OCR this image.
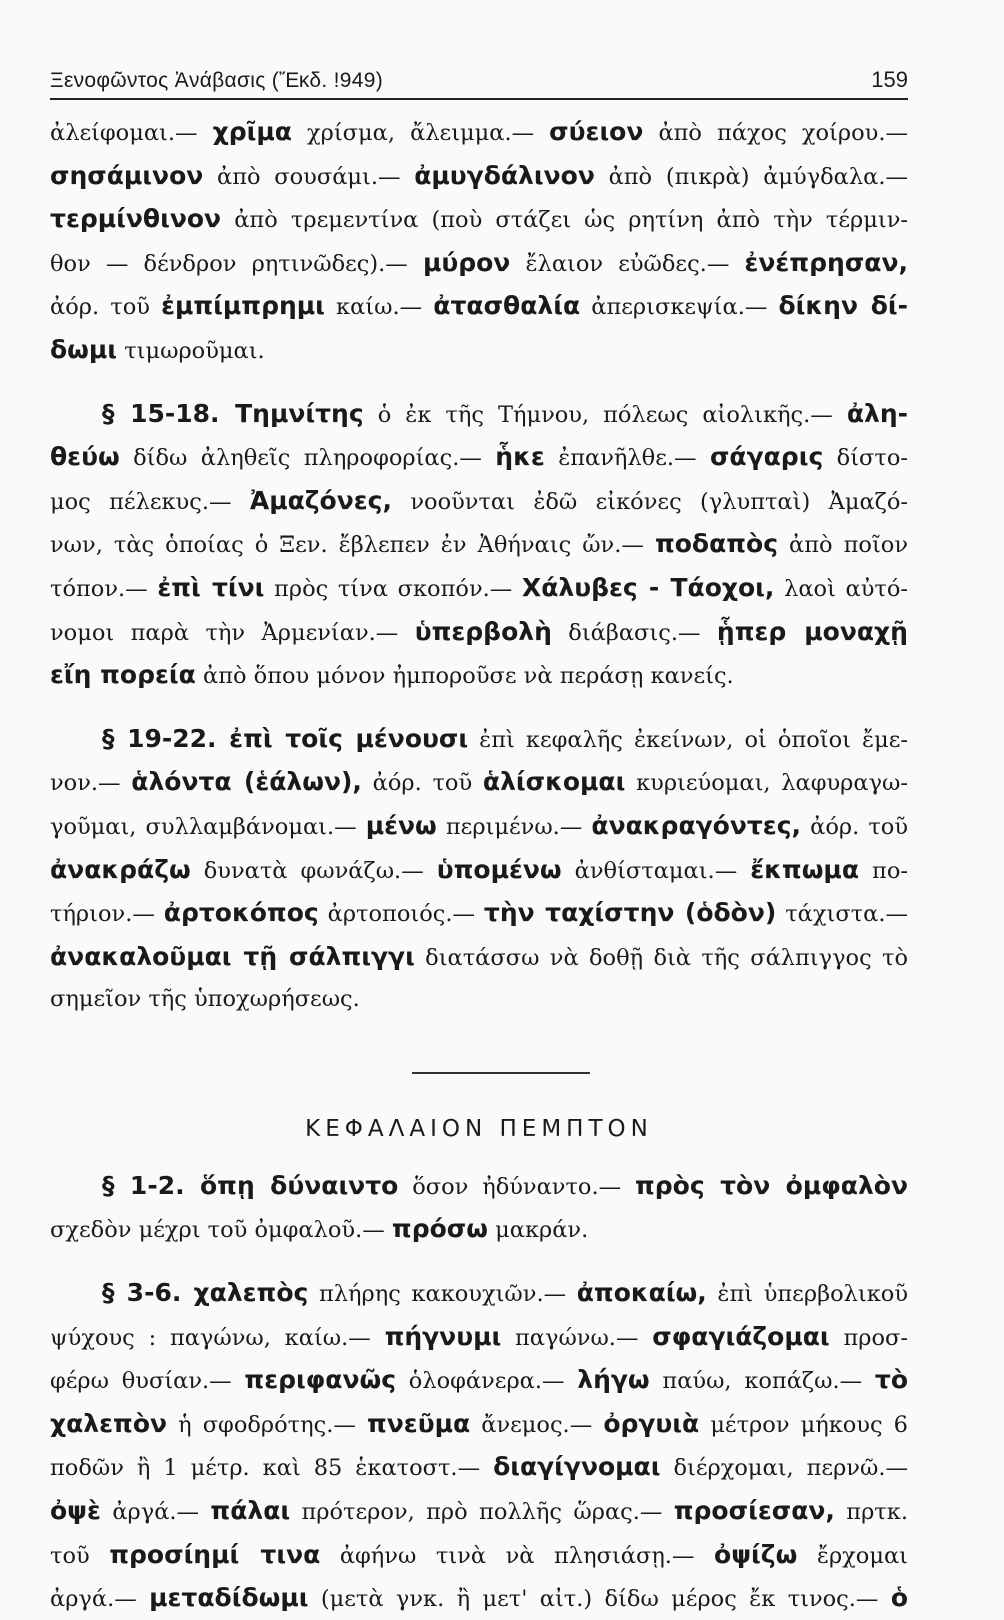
Ξενοφῶντος Ἀνάβασις (Ἔκδ. !949)	159
ἀλείφομαι.— χρῖμα χρίσμα, ἄλειμμα.— σύειον ἀπὸ πάχος χοίρου.—
σησάμινον ἀπὸ σουσάμι.— ἀμυγδάλινον ἀπὸ (πικρὰ) ἀμύγδαλα.—
τερμίνθινον ἀπὸ τρεμεντίνα (ποὺ στάζει ὡς ρητίνη ἀπὸ τὴν τέρμιν-
θον — δένδρον ρητινῶδες).— μύρον ἔλαιον εὐῶδες.— ἐνέπρησαν,
ἀόρ. τοῦ ἐμπίμπρημι καίω.— ἀτασθαλία ἀπερισκεψία.— δίκην δί-
δωμι τιμωροῦμαι.
§ 15-18. Τημνίτης ὁ ἐκ τῆς Τήμνου, πόλεως αἰολικῆς.— ἀλη-
θεύω δίδω ἀληθεῖς πληροφορίας.— ἧκε ἐπανῆλθε.— σάγαρις δίστο-
μος πέλεκυς.— Ἀμαζόνες, νοοῦνται ἐδῶ εἰκόνες (γλυπταὶ) Ἀμαζό-
νων, τὰς ὁποίας ὁ Ξεν. ἔβλεπεν ἐν Ἀθήναις ὤν.— ποδαπὸς ἀπὸ ποῖον
τόπον.— ἐπὶ τίνι πρὸς τίνα σκοπόν.— Χάλυβες - Τάοχοι, λαοὶ αὐτό-
νομοι παρὰ τὴν Ἀρμενίαν.— ὑπερβολὴ διάβασις.— ᾗπερ μοναχῇ
εἴη πορεία ἀπὸ ὅπου μόνον ἠμποροῦσε νὰ περάσῃ κανείς.
§ 19-22. ἐπὶ τοῖς μένουσι ἐπὶ κεφαλῆς ἐκείνων, οἱ ὁποῖοι ἔμε-
νον.— ἁλόντα (ἑάλων), ἀόρ. τοῦ ἁλίσκομαι κυριεύομαι, λαφυραγω-
γοῦμαι, συλλαμβάνομαι.— μένω περιμένω.— ἀνακραγόντες, ἀόρ. τοῦ
ἀνακράζω δυνατὰ φωνάζω.— ὑπομένω ἀνθίσταμαι.— ἔκπωμα πο-
τήριον.— ἀρτοκόπος ἀρτοποιός.— τὴν ταχίστην (ὁδὸν) τάχιστα.—
ἀνακαλοῦμαι τῇ σάλπιγγι διατάσσω νὰ δοθῇ διὰ τῆς σάλπιγγος τὸ
σημεῖον τῆς ὑποχωρήσεως.
ΚΕΦΑΛΑΙΟΝ ΠΕΜΠΤΟΝ
§ 1-2. ὅπῃ δύναιντο ὅσον ἠδύναντο.— πρὸς τὸν ὀμφαλὸν
σχεδὸν μέχρι τοῦ ὀμφαλοῦ.— πρόσω μακράν.
§ 3-6. χαλεπὸς πλήρης κακουχιῶν.— ἀποκαίω, ἐπὶ ὑπερβολικοῦ
ψύχους : παγώνω, καίω.— πήγνυμι παγώνω.— σφαγιάζομαι προσ-
φέρω θυσίαν.— περιφανῶς ὁλοφάνερα.— λήγω παύω, κοπάζω.— τὸ
χαλεπὸν ἡ σφοδρότης.— πνεῦμα ἄνεμος.— ὀργυιὰ μέτρον μήκους 6
ποδῶν ἢ 1 μέτρ. καὶ 85 ἑκατοστ.— διαγίγνομαι διέρχομαι, περνῶ.—
ὀψὲ ἀργά.— πάλαι πρότερον, πρὸ πολλῆς ὥρας.— προσίεσαν, πρτκ.
τοῦ προσίημί τινα ἀφήνω τινὰ νὰ πλησιάσῃ.— ὀψίζω ἔρχομαι
ἀργά.— μεταδίδωμι (μετὰ γνκ. ἢ μετ' αἰτ.) δίδω μέρος ἔκ τινος.— ὁ
